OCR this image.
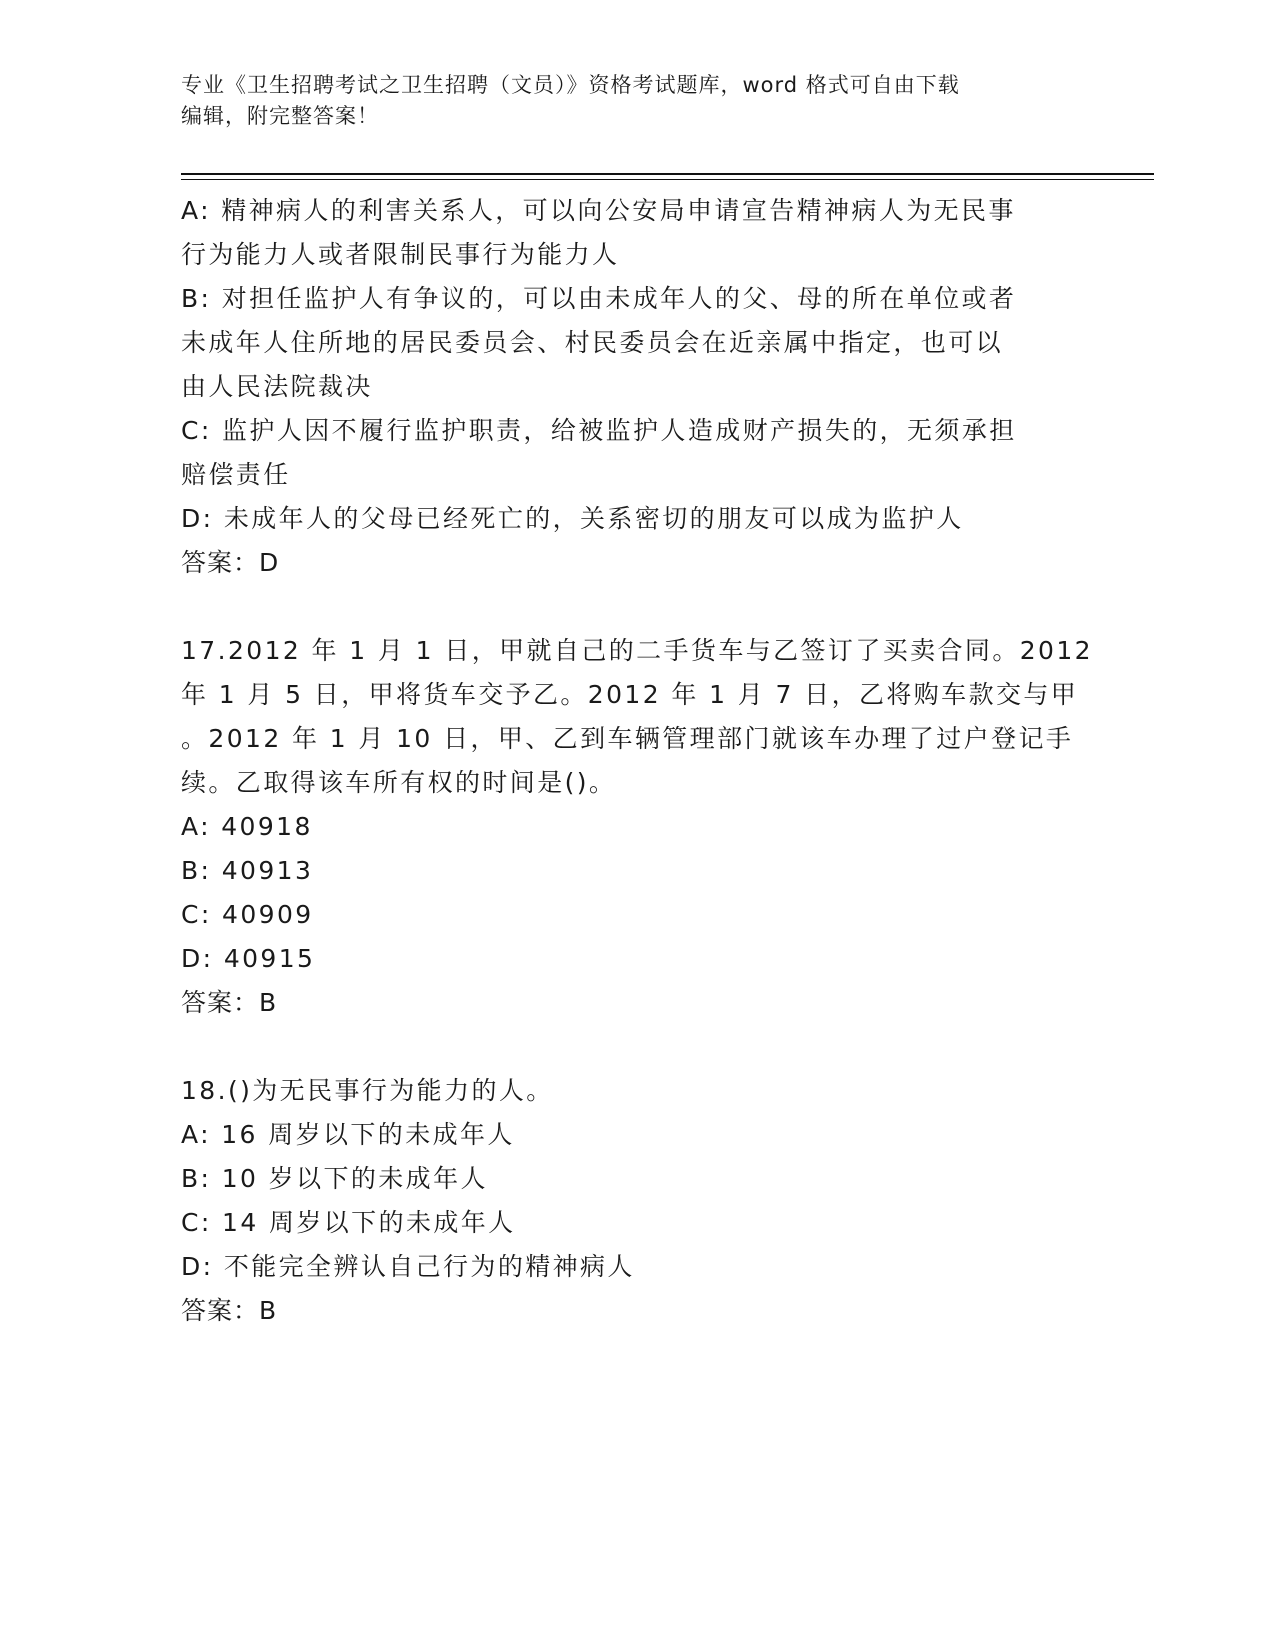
专业《卫生招聘考试之卫生招聘（文员）》资格考试题库，word 格式可自由下载
编辑，附完整答案！
A: 精神病人的利害关系人，可以向公安局申请宣告精神病人为无民事
行为能力人或者限制民事行为能力人
B: 对担任监护人有争议的，可以由未成年人的父、母的所在单位或者
未成年人住所地的居民委员会、村民委员会在近亲属中指定，也可以
由人民法院裁决
C: 监护人因不履行监护职责，给被监护人造成财产损失的，无须承担
赔偿责任
D: 未成年人的父母已经死亡的，关系密切的朋友可以成为监护人
答案：D
17.2012 年 1 月 1 日，甲就自己的二手货车与乙签订了买卖合同。2012
年 1 月 5 日，甲将货车交予乙。2012 年 1 月 7 日，乙将购车款交与甲
。2012 年 1 月 10 日，甲、乙到车辆管理部门就该车办理了过户登记手
续。乙取得该车所有权的时间是()。
A: 40918
B: 40913
C: 40909
D: 40915
答案：B
18.()为无民事行为能力的人。
A: 16 周岁以下的未成年人
B: 10 岁以下的未成年人
C: 14 周岁以下的未成年人
D: 不能完全辨认自己行为的精神病人
答案：B
